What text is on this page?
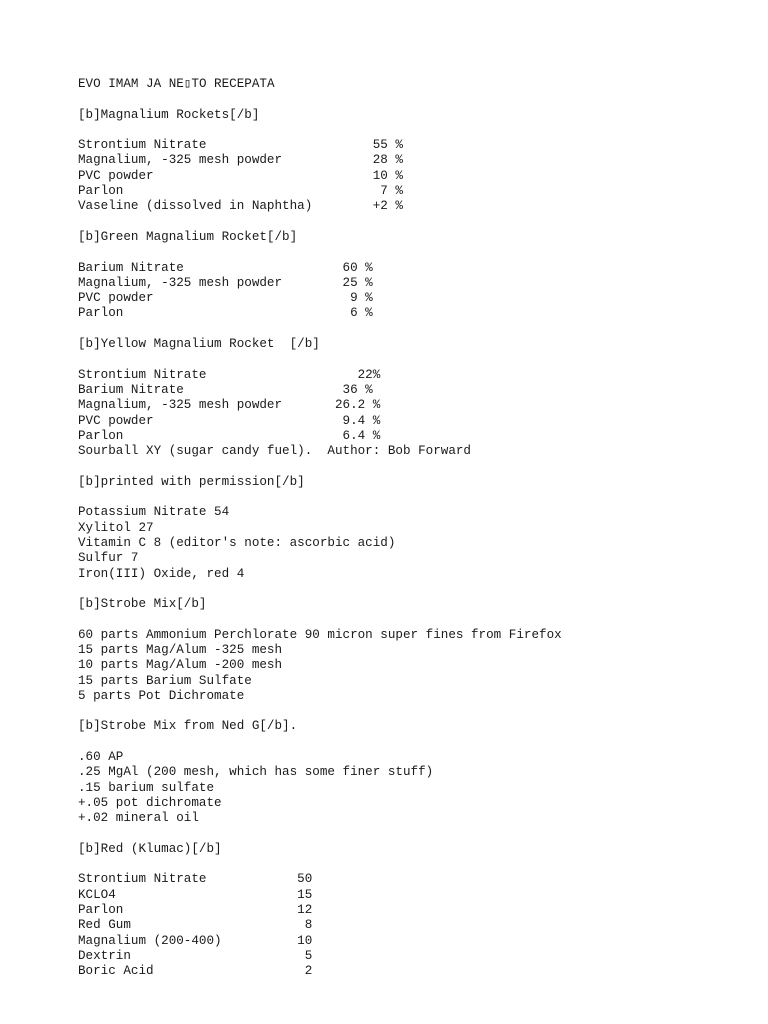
EVO IMAM JA NE▯TO RECEPATA
[b]Magnalium Rockets[/b]
Strontium Nitrate                      55 %
Magnalium, -325 mesh powder            28 %
PVC powder                             10 %
Parlon                                  7 %
Vaseline (dissolved in Naphtha)        +2 %
[b]Green Magnalium Rocket[/b]
Barium Nitrate                     60 %
Magnalium, -325 mesh powder        25 %
PVC powder                          9 %
Parlon                              6 %
[b]Yellow Magnalium Rocket  [/b]
Strontium Nitrate                    22%
Barium Nitrate                     36 %
Magnalium, -325 mesh powder       26.2 %
PVC powder                         9.4 %
Parlon                             6.4 %
Sourball XY (sugar candy fuel).  Author: Bob Forward
[b]printed with permission[/b]
Potassium Nitrate 54
Xylitol 27
Vitamin C 8 (editor's note: ascorbic acid)
Sulfur 7
Iron(III) Oxide, red 4
[b]Strobe Mix[/b]
60 parts Ammonium Perchlorate 90 micron super fines from Firefox
15 parts Mag/Alum -325 mesh
10 parts Mag/Alum -200 mesh
15 parts Barium Sulfate
5 parts Pot Dichromate
[b]Strobe Mix from Ned G[/b].
.60 AP
.25 MgAl (200 mesh, which has some finer stuff)
.15 barium sulfate
+.05 pot dichromate
+.02 mineral oil
[b]Red (Klumac)[/b]
Strontium Nitrate            50
KCLO4                        15
Parlon                       12
Red Gum                       8
Magnalium (200-400)          10
Dextrin                       5
Boric Acid                    2
